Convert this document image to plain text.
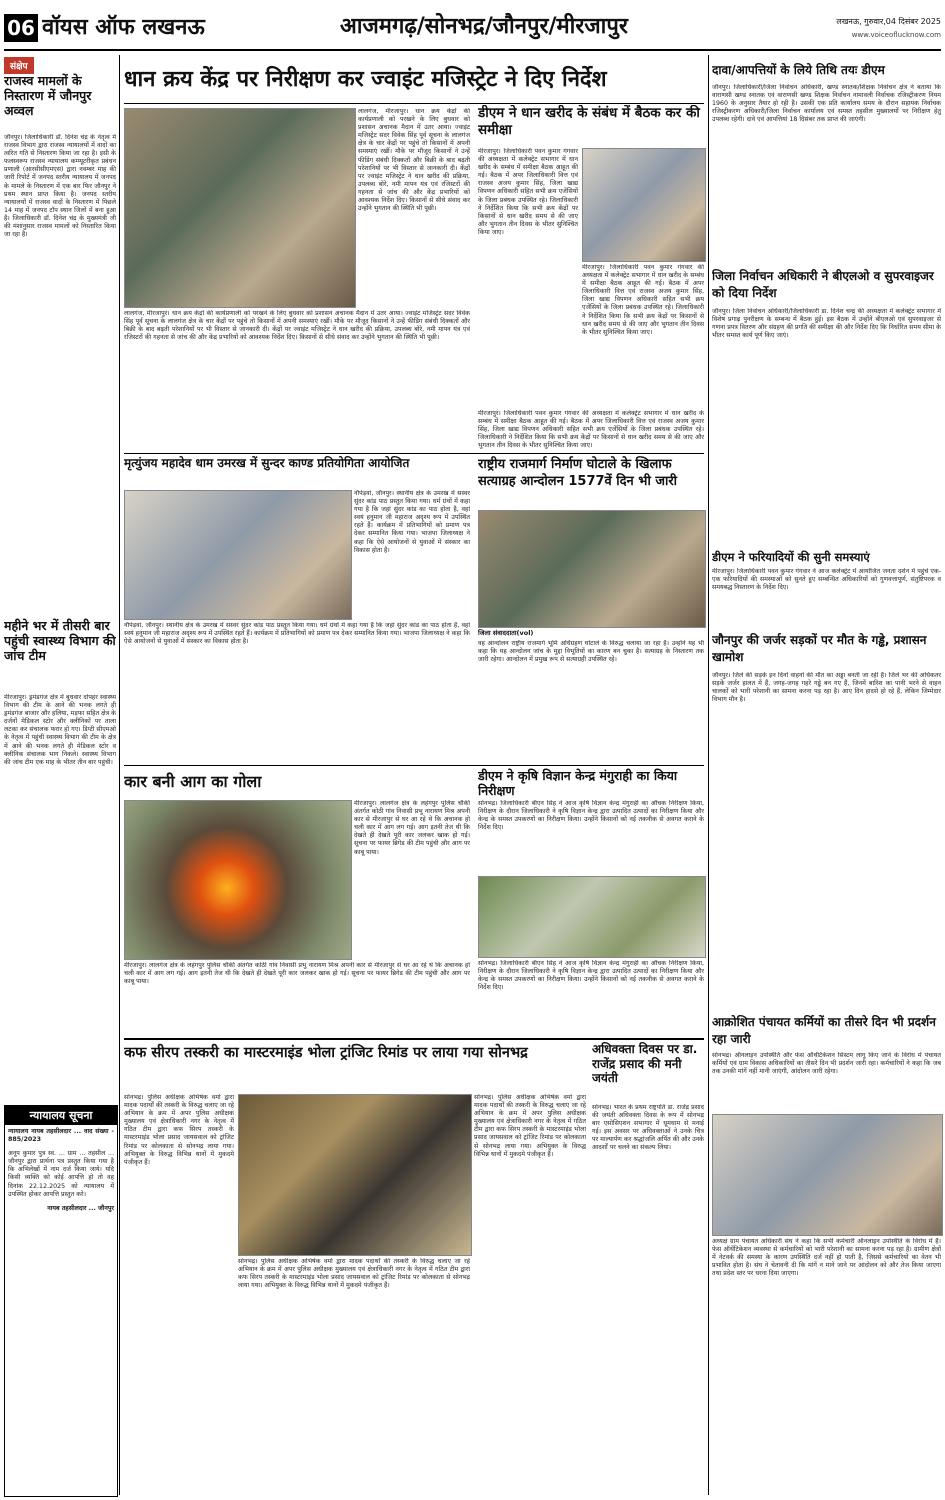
06 वॉयस ऑफ लखनऊ	आजमगढ़/सोनभद्र/जौनपुर/मीरजापुर	लखनऊ, गुरुवार,04 दिसंबर 2025
www.voiceoflucknow.com
संक्षेप
राजस्व मामलों के निस्तारण में जौनपुर अव्वल
जौनपुर। जिलाधिकारी डॉ. दिनेश चंद्र के नेतृत्व में राजस्व विभाग द्वारा राजस्व न्यायालयों में वादों का त्वरित गति से निस्तारण किया जा रहा है। इसी के फलस्वरूप राजस्व न्यायालय कम्प्यूटरीकृत प्रबंधन प्रणाली (आरसीसीएमएस) द्वारा नवम्बर माह की जारी रिपोर्ट में जनपद स्तरीय न्यायालय में जनपद के मामले के निस्तारण में एक बार फिर जौनपुर ने प्रथम स्थान प्राप्त किया है। जनपद स्तरीय न्यायालयों में राजस्व वादों के निस्तारण में पिछले 14 माह में जनपद टॉप स्थान जिलों में बना हुआ है। जिलाधिकारी डॉ. दिनेश चंद्र के मुख्यमंत्री जी की मंशानुसार राजस्व मामलों को निस्तारित किया जा रहा है।
महीने भर में तीसरी बार पहुंची स्वास्थ्य विभाग की जांच टीम
मीरजापुर। ड्रमंडगंज क्षेत्र में बुधवार दोपहर स्वास्थ्य विभाग की टीम के आने की भनक लगते ही ड्रमंडगंज बाजार और हलिया, मड़फा सहित क्षेत्र के दर्जनों मेडिकल स्टोर और क्लीनिकों पर ताला लटका कर संचालक फरार हो गए। डिप्टी सीएमओ के नेतृत्व में पहुंची स्वास्थ्य विभाग की टीम के क्षेत्र में आने की भनक लगते ही मेडिकल स्टोर व क्लीनिक संचालक भाग निकले। स्वास्थ्य विभाग की जांच टीम एक माह के भीतर तीन बार पहुंची।
न्यायालय सूचना
न्यायालय नायब तहसीलदार ... वाद संख्या - 885/2023
अनूप कुमार पुत्र स्व. ... ग्राम ... तहसील ... जौनपुर द्वारा प्रार्थना पत्र प्रस्तुत किया गया है कि अभिलेखों में नाम दर्ज किया जाये। यदि किसी व्यक्ति को कोई आपत्ति हो तो वह दिनांक 22.12.2025 को न्यायालय में उपस्थित होकर आपत्ति प्रस्तुत करे।
नायब तहसीलदार ... जौनपुर
धान क्रय केंद्र पर निरीक्षण कर ज्वाइंट मजिस्ट्रेट ने दिए निर्देश
लालगंज, मीरजापुर। धान क्रय केंद्रों की कार्यप्रणाली को परखने के लिए बुधवार को प्रशासन अचानक मैदान में उतर आया। ज्वाइंट मजिस्ट्रेट सदर विवेक सिंह पूर्व सूचना के लालगंज क्षेत्र के चार केंद्रों पर पहुंचे तो किसानों में अपनी समस्याएं रखीं। मौके पर मौजूद किसानों ने उन्हें फीडिंग संबंधी दिक्कतों और बिक्री के बाद बढ़ती परेशानियों पर भी विस्तार से जानकारी दी। केंद्रों पर ज्वाइंट मजिस्ट्रेट ने धान खरीद की प्रक्रिया, उपलब्ध बोरे, नमी मापन यंत्र एवं रजिस्टरों की गहनता से जांच की और केंद्र प्रभारियों को आवश्यक निर्देश दिए। किसानों से सीधे संवाद कर उन्होंने भुगतान की स्थिति भी पूछी।
लालगंज, मीरजापुर। धान क्रय केंद्रों की कार्यप्रणाली को परखने के लिए बुधवार को प्रशासन अचानक मैदान में उतर आया। ज्वाइंट मजिस्ट्रेट सदर विवेक सिंह पूर्व सूचना के लालगंज क्षेत्र के चार केंद्रों पर पहुंचे तो किसानों में अपनी समस्याएं रखीं। मौके पर मौजूद किसानों ने उन्हें फीडिंग संबंधी दिक्कतों और बिक्री के बाद बढ़ती परेशानियों पर भी विस्तार से जानकारी दी। केंद्रों पर ज्वाइंट मजिस्ट्रेट ने धान खरीद की प्रक्रिया, उपलब्ध बोरे, नमी मापन यंत्र एवं रजिस्टरों की गहनता से जांच की और केंद्र प्रभारियों को आवश्यक निर्देश दिए। किसानों से सीधे संवाद कर उन्होंने भुगतान की स्थिति भी पूछी।
डीएम ने धान खरीद के संबंध में बैठक कर की समीक्षा
मीरजापुर। जिलाधिकारी पवन कुमार गंगवार की अध्यक्षता में कलेक्ट्रेट सभागार में धान खरीद के सम्बंध में समीक्षा बैठक आहूत की गई। बैठक में अपर जिलाधिकारी वित्त एवं राजस्व अजय कुमार सिंह, जिला खाद्य विपणन अधिकारी सहित सभी क्रय एजेंसियों के जिला प्रबंधक उपस्थित रहे। जिलाधिकारी ने निर्देशित किया कि सभी क्रय केंद्रों पर किसानों से धान खरीद समय से की जाए और भुगतान तीन दिवस के भीतर सुनिश्चित किया जाए।
मीरजापुर। जिलाधिकारी पवन कुमार गंगवार की अध्यक्षता में कलेक्ट्रेट सभागार में धान खरीद के सम्बंध में समीक्षा बैठक आहूत की गई। बैठक में अपर जिलाधिकारी वित्त एवं राजस्व अजय कुमार सिंह, जिला खाद्य विपणन अधिकारी सहित सभी क्रय एजेंसियों के जिला प्रबंधक उपस्थित रहे। जिलाधिकारी ने निर्देशित किया कि सभी क्रय केंद्रों पर किसानों से धान खरीद समय से की जाए और भुगतान तीन दिवस के भीतर सुनिश्चित किया जाए।
मीरजापुर। जिलाधिकारी पवन कुमार गंगवार की अध्यक्षता में कलेक्ट्रेट सभागार में धान खरीद के सम्बंध में समीक्षा बैठक आहूत की गई। बैठक में अपर जिलाधिकारी वित्त एवं राजस्व अजय कुमार सिंह, जिला खाद्य विपणन अधिकारी सहित सभी क्रय एजेंसियों के जिला प्रबंधक उपस्थित रहे। जिलाधिकारी ने निर्देशित किया कि सभी क्रय केंद्रों पर किसानों से धान खरीद समय से की जाए और भुगतान तीन दिवस के भीतर सुनिश्चित किया जाए।
मृत्युंजय महादेव धाम उमरख में सुन्दर काण्ड प्रतियोगिता आयोजित
नौपेड़वां, जौनपुर। स्थानीय क्षेत्र के उमरख में सस्वर सुंदर कांड पाठ प्रस्तुत किया गया। धर्म ग्रंथों में कहा गया है कि जहां सुंदर कांड का पाठ होता है, वहां स्वयं हनुमान जी महाराज अदृश्य रूप में उपस्थित रहते हैं। कार्यक्रम में प्रतिभागियों को प्रमाण पत्र देकर सम्मानित किया गया। भाजपा जिलाध्यक्ष ने कहा कि ऐसे आयोजनों से युवाओं में संस्कार का विकास होता है।
नौपेड़वां, जौनपुर। स्थानीय क्षेत्र के उमरख में सस्वर सुंदर कांड पाठ प्रस्तुत किया गया। धर्म ग्रंथों में कहा गया है कि जहां सुंदर कांड का पाठ होता है, वहां स्वयं हनुमान जी महाराज अदृश्य रूप में उपस्थित रहते हैं। कार्यक्रम में प्रतिभागियों को प्रमाण पत्र देकर सम्मानित किया गया। भाजपा जिलाध्यक्ष ने कहा कि ऐसे आयोजनों से युवाओं में संस्कार का विकास होता है।
राष्ट्रीय राजमार्ग निर्माण घोटाले के खिलाफ सत्याग्रह आन्दोलन 1577वें दिन भी जारी
जिला संवाददाता(vol)
वह आन्दोलन राष्ट्रीय राजमार्ग भूमि अधिग्रहण घोटाले के विरुद्ध चलाया जा रहा है। उन्होंने यह भी कहा कि यह आन्दोलन जांच के मुद्दा विभूतियों का कारण बन चुका है। सत्याग्रह के निस्तारण तक जारी रहेगा। आन्दोलन में प्रमुख रूप से सत्याग्रही उपस्थित रहे।
कार बनी आग का गोला
मीरजापुर। लालगंज क्षेत्र के लहंगपुर पुलिस चौकी अंतर्गत कोठी गांव निवासी प्रभु नारायण मिश्र अपनी कार से मीरजापुर से घर आ रहे थे कि अचानक हो चली कार में आग लग गई। आग इतनी तेज थी कि देखते ही देखते पूरी कार जलकर खाक हो गई। सूचना पर फायर ब्रिगेड की टीम पहुंची और आग पर काबू पाया।
मीरजापुर। लालगंज क्षेत्र के लहंगपुर पुलिस चौकी अंतर्गत कोठी गांव निवासी प्रभु नारायण मिश्र अपनी कार से मीरजापुर से घर आ रहे थे कि अचानक हो चली कार में आग लग गई। आग इतनी तेज थी कि देखते ही देखते पूरी कार जलकर खाक हो गई। सूचना पर फायर ब्रिगेड की टीम पहुंची और आग पर काबू पाया।
डीएम ने कृषि विज्ञान केन्द्र मंगुराही का किया निरीक्षण
सोनभद्र। जिलाधिकारी बीएन सिंह ने आज कृषि विज्ञान केन्द्र मंगुराही का औचक निरीक्षण किया, निरीक्षण के दौरान जिलाधिकारी ने कृषि विज्ञान केन्द्र द्वारा उत्पादित उत्पादों का निरीक्षण किया और केन्द्र के समस्त उपकरणों का निरीक्षण किया। उन्होंने किसानों को नई तकनीक से अवगत कराने के निर्देश दिए।
सोनभद्र। जिलाधिकारी बीएन सिंह ने आज कृषि विज्ञान केन्द्र मंगुराही का औचक निरीक्षण किया, निरीक्षण के दौरान जिलाधिकारी ने कृषि विज्ञान केन्द्र द्वारा उत्पादित उत्पादों का निरीक्षण किया और केन्द्र के समस्त उपकरणों का निरीक्षण किया। उन्होंने किसानों को नई तकनीक से अवगत कराने के निर्देश दिए।
कफ सीरप तस्करी का मास्टरमाइंड भोला ट्रांजिट रिमांड पर लाया गया सोनभद्र
सोनभद्र। पुलिस अधीक्षक अभिषेक वर्मा द्वारा मादक पदार्थों की तस्करी के विरुद्ध चलाए जा रहे अभियान के क्रम में अपर पुलिस अधीक्षक मुख्यालय एवं क्षेत्राधिकारी नगर के नेतृत्व में गठित टीम द्वारा कफ सिरप तस्करी के मास्टरमाइंड भोला प्रसाद जायसवाल को ट्रांजिट रिमांड पर कोलकाता से सोनभद्र लाया गया। अभियुक्त के विरुद्ध विभिन्न थानों में मुकदमे पंजीकृत हैं।
सोनभद्र। पुलिस अधीक्षक अभिषेक वर्मा द्वारा मादक पदार्थों की तस्करी के विरुद्ध चलाए जा रहे अभियान के क्रम में अपर पुलिस अधीक्षक मुख्यालय एवं क्षेत्राधिकारी नगर के नेतृत्व में गठित टीम द्वारा कफ सिरप तस्करी के मास्टरमाइंड भोला प्रसाद जायसवाल को ट्रांजिट रिमांड पर कोलकाता से सोनभद्र लाया गया। अभियुक्त के विरुद्ध विभिन्न थानों में मुकदमे पंजीकृत हैं।
सोनभद्र। पुलिस अधीक्षक अभिषेक वर्मा द्वारा मादक पदार्थों की तस्करी के विरुद्ध चलाए जा रहे अभियान के क्रम में अपर पुलिस अधीक्षक मुख्यालय एवं क्षेत्राधिकारी नगर के नेतृत्व में गठित टीम द्वारा कफ सिरप तस्करी के मास्टरमाइंड भोला प्रसाद जायसवाल को ट्रांजिट रिमांड पर कोलकाता से सोनभद्र लाया गया। अभियुक्त के विरुद्ध विभिन्न थानों में मुकदमे पंजीकृत हैं।
अधिवक्ता दिवस पर डा. राजेंद्र प्रसाद की मनी जयंती
सोनभद्र। भारत के प्रथम राष्ट्रपति डा. राजेंद्र प्रसाद की जयंती अधिवक्ता दिवस के रूप में सोनभद्र बार एसोसिएशन सभागार में धूमधाम से मनाई गई। इस अवसर पर अधिवक्ताओं ने उनके चित्र पर माल्यार्पण कर श्रद्धांजलि अर्पित की और उनके आदर्शों पर चलने का संकल्प लिया।
दावा/आपत्तियों के लिये तिथि तयः डीएम
जौनपुर। जिलाधिकारी/जिला निर्वाचन अधिकारी, खण्ड स्नातक/शिक्षक निर्वाचन क्षेत्र ने बताया कि वाराणसी खण्ड स्नातक एवं वाराणसी खण्ड शिक्षक निर्वाचन नामावली निर्वाचक रजिस्ट्रीकरण नियम 1960 के अनुसार तैयार हो रही है। उसकी एक प्रति कार्यालय समय के दौरान सहायक निर्वाचक रजिस्ट्रीकरण अधिकारी/जिला निर्वाचन कार्यालय एवं समस्त तहसील मुख्यालयों पर निरीक्षण हेतु उपलब्ध रहेगी। दावे एवं आपत्तियां 18 दिसंबर तक प्राप्त की जाएंगी।
जिला निर्वाचन अधिकारी ने बीएलओ व सुपरवाइजर को दिया निर्देश
जौनपुर। जिला निर्वाचन अधिकारी/जिलाधिकारी डा. दिनेश चन्द्र की अध्यक्षता में कलेक्ट्रेट सभागार में विशेष प्रगाढ़ पुनरीक्षण के सम्बन्ध में बैठक हुई। इस बैठक में उन्होंने बीएलओ एवं सुपरवाइजर से गणना प्रपत्र वितरण और संग्रहण की प्रगति की समीक्षा की और निर्देश दिए कि निर्धारित समय सीमा के भीतर समस्त कार्य पूर्ण किए जाएं।
डीएम ने फरियादियों की सुनी समस्याएं
मीरजापुर। जिलाधिकारी पवन कुमार गंगवार ने आज कलेक्ट्रेट में आयोजित जनता दर्शन में पहुंचे एक-एक फरियादियों की समस्याओं को सुनते हुए सम्बन्धित अधिकारियों को गुणवत्तापूर्ण, संतुष्टिपरक व समयबद्ध निस्तारण के निर्देश दिए।
जौनपुर की जर्जर सड़कों पर मौत के गड्ढे, प्रशासन खामोश
जौनपुर। जिले की सड़कें इन दिनों वाहनों की मौत का अड्डा बनती जा रही हैं। जिले भर की अधिकतर सड़कें जर्जर हालत में हैं, जगह-जगह गहरे गड्ढे बन गए हैं, जिनमें बारिश का पानी भरने से वाहन चालकों को भारी परेशानी का सामना करना पड़ रहा है। आए दिन हादसे हो रहे हैं, लेकिन जिम्मेदार विभाग मौन है।
आक्रोशित पंचायत कर्मियों का तीसरे दिन भी प्रदर्शन रहा जारी
सोनभद्र। ऑनलाइन उपस्थिति और फेस ऑथेंटिकेशन सिस्टम लागू किए जाने के विरोध में पंचायत कर्मियों एवं ग्राम विकास अधिकारियों का तीसरे दिन भी प्रदर्शन जारी रहा। कर्मचारियों ने कहा कि जब तक उनकी मांगें नहीं मानी जाएंगी, आंदोलन जारी रहेगा।
अध्यक्ष ग्राम पंचायत अधिकारी संघ ने कहा कि सभी कर्मचारी ऑनलाइन उपस्थिति के विरोध में हैं। फेस ऑथेंटिकेशन व्यवस्था से कर्मचारियों को भारी परेशानी का सामना करना पड़ रहा है। ग्रामीण क्षेत्रों में नेटवर्क की समस्या के कारण उपस्थिति दर्ज नहीं हो पाती है, जिससे कर्मचारियों का वेतन भी प्रभावित होता है। संघ ने चेतावनी दी कि मांगें न माने जाने पर आंदोलन को और तेज किया जाएगा तथा प्रदेश स्तर पर धरना दिया जाएगा।
